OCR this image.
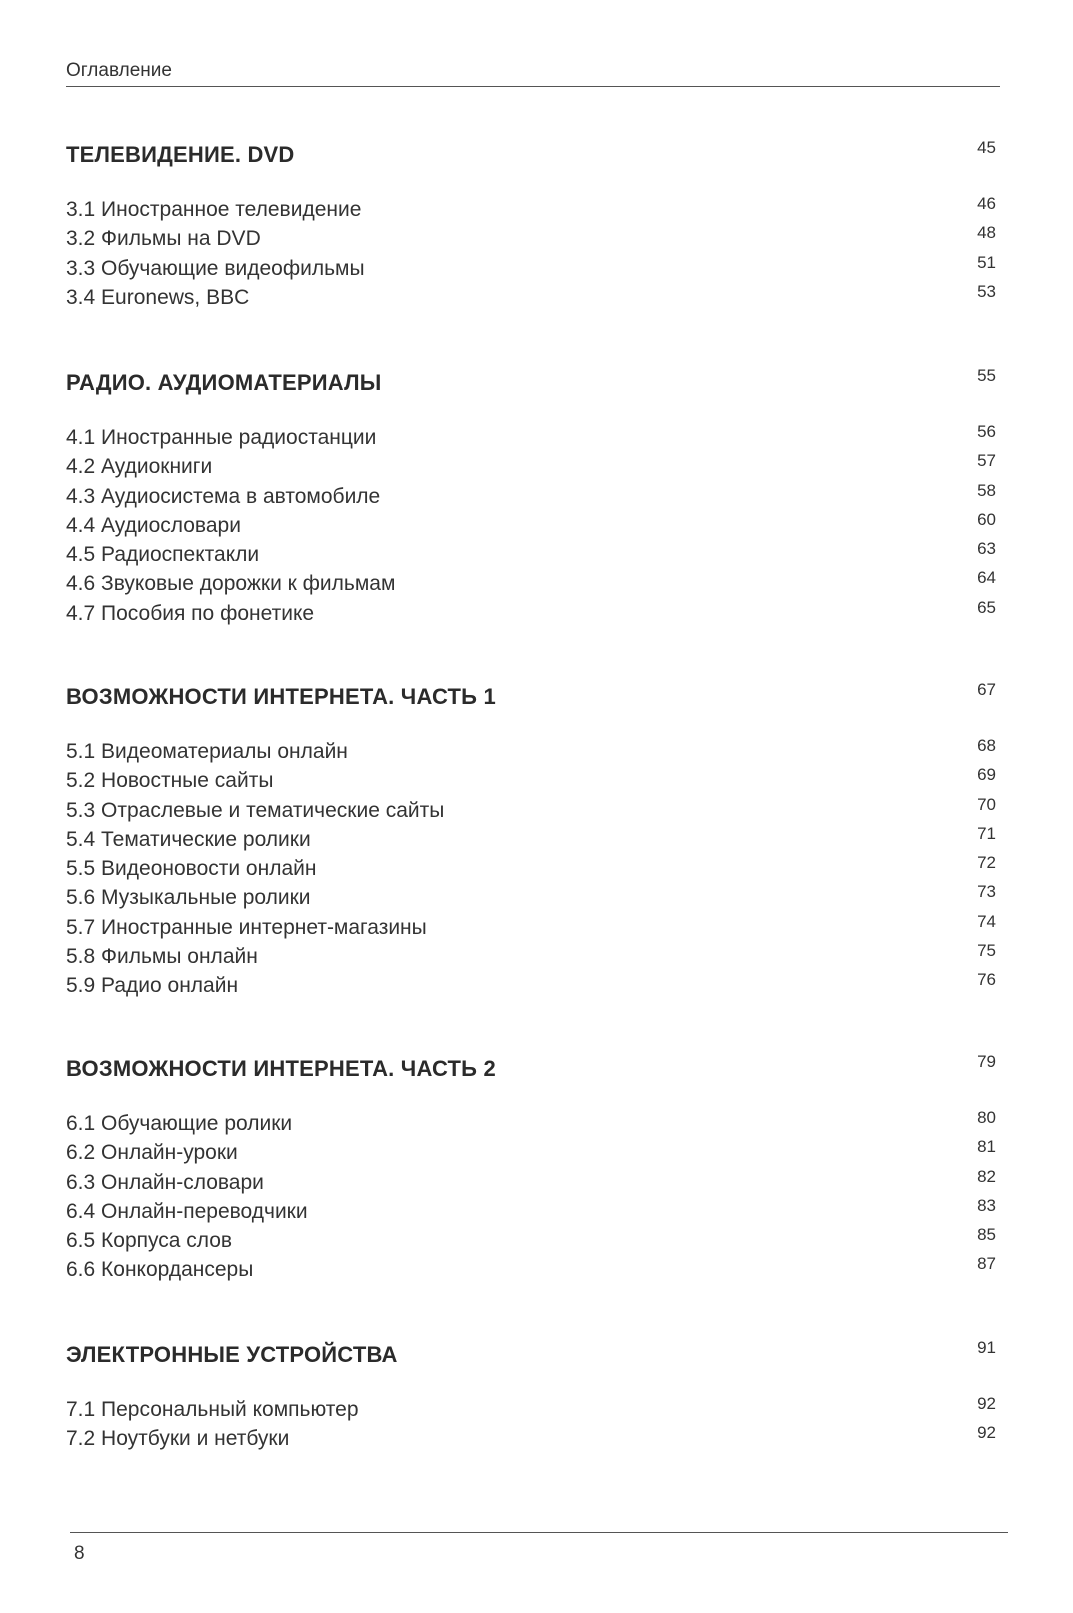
Оглавление
ТЕЛЕВИДЕНИЕ. DVD	45
3.1 Иностранное телевидение	46
3.2 Фильмы на DVD	48
3.3 Обучающие видеофильмы	51
3.4 Euronews, BBC	53
РАДИО. АУДИОМАТЕРИАЛЫ	55
4.1 Иностранные радиостанции	56
4.2 Аудиокниги	57
4.3 Аудиосистема в автомобиле	58
4.4 Аудиословари	60
4.5 Радиоспектакли	63
4.6 Звуковые дорожки к фильмам	64
4.7 Пособия по фонетике	65
ВОЗМОЖНОСТИ ИНТЕРНЕТА. ЧАСТЬ 1	67
5.1 Видеоматериалы онлайн	68
5.2 Новостные сайты	69
5.3 Отраслевые и тематические сайты	70
5.4 Тематические ролики	71
5.5 Видеоновости онлайн	72
5.6 Музыкальные ролики	73
5.7 Иностранные интернет-магазины	74
5.8 Фильмы онлайн	75
5.9 Радио онлайн	76
ВОЗМОЖНОСТИ ИНТЕРНЕТА. ЧАСТЬ 2	79
6.1 Обучающие ролики	80
6.2 Онлайн-уроки	81
6.3 Онлайн-словари	82
6.4 Онлайн-переводчики	83
6.5 Корпуса слов	85
6.6 Конкордансеры	87
ЭЛЕКТРОННЫЕ УСТРОЙСТВА	91
7.1 Персональный компьютер	92
7.2 Ноутбуки и нетбуки	92
8
